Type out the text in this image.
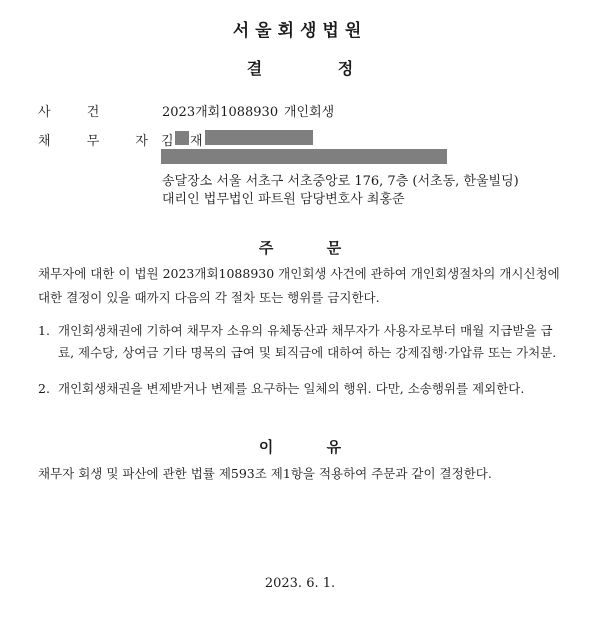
서울회생법원
결 정
사 건	2023개회1088930 개인회생
채 무 자
김 재
송달장소 서울 서초구 서초중앙로 176, 7층 (서초동, 한울빌딩)
대리인 법무법인 파트원 담당변호사 최홍준
주 문
채무자에 대한 이 법원 2023개회1088930 개인회생 사건에 관하여 개인회생절차의 개시신청에 대한 결정이 있을 때까지 다음의 각 절차 또는 행위를 금지한다.
1. 개인회생채권에 기하여 채무자 소유의 유체동산과 채무자가 사용자로부터 매월 지급받을 급료, 제수당, 상여금 기타 명목의 급여 및 퇴직금에 대하여 하는 강제집행·가압류 또는 가처분.
2. 개인회생채권을 변제받거나 변제를 요구하는 일체의 행위. 다만, 소송행위를 제외한다.
이 유
채무자 회생 및 파산에 관한 법률 제593조 제1항을 적용하여 주문과 같이 결정한다.
2023. 6. 1.
